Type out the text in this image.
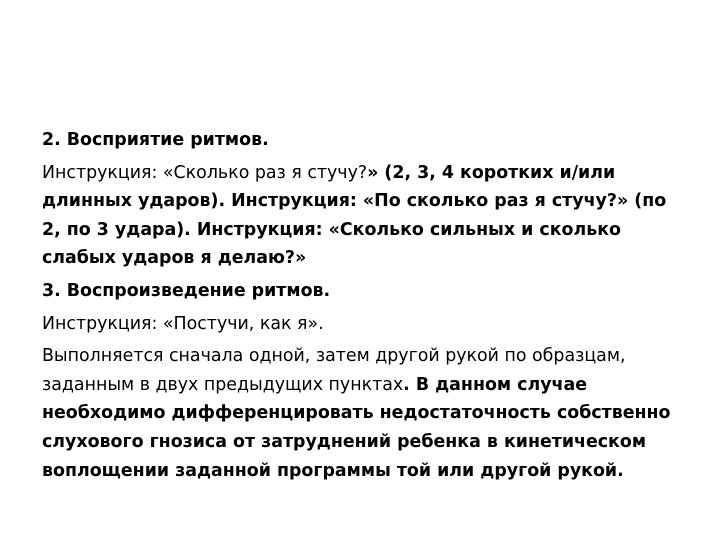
2. Восприятие ритмов.

Инструкция: «Сколько раз я стучу?» (2, 3, 4 коротких и/или длинных ударов). Инструкция: «По сколько раз я стучу?» (по 2, по 3 удара). Инструкция: «Сколько сильных и сколько слабых ударов я делаю?»

3. Воспроизведение ритмов.

Инструкция: «Постучи, как я».

Выполняется сначала одной, затем другой рукой по образцам, заданным в двух предыдущих пунктах. В данном случае необходимо дифференцировать недостаточность собственно слухового гнозиса от затруднений ребенка в кинетическом воплощении заданной программы той или другой рукой.
